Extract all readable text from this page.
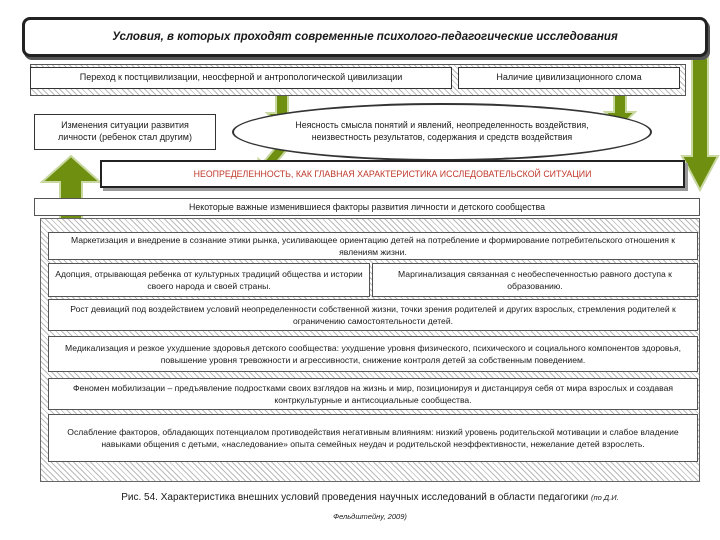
Условия, в которых проходят современные психолого-педагогические исследования
Переход к постцивилизации, неосферной и антропологической цивилизации	Наличие цивилизационного слома
Изменения ситуации развития личности (ребенок стал другим)
Неясность смысла понятий и явлений, неопределенность воздействия, неизвестность результатов, содержания и средств воздействия
НЕОПРЕДЕЛЕННОСТЬ, КАК ГЛАВНАЯ ХАРАКТЕРИСТИКА ИССЛЕДОВАТЕЛЬСКОЙ СИТУАЦИИ
Некоторые важные изменившиеся факторы развития личности и детского сообщества
Маркетизация и внедрение в сознание этики рынка, усиливающее ориентацию детей на потребление и формирование потребительского отношения к явлениям жизни.
Адопция, отрывающая ребенка от культурных традиций общества и истории своего народа и своей страны.
Маргинализация связанная с необеспеченностью равного доступа к образованию.
Рост девиаций под воздействием условий неопределенности собственной жизни, точки зрения родителей и других взрослых, стремления родителей к ограничению самостоятельности детей.
Медикализация и резкое ухудшение здоровья детского сообщества: ухудшение уровня физического, психического и социального компонентов здоровья, повышение уровня тревожности и агрессивности, снижение контроля детей за собственным поведением.
Феномен мобилизации – предъявление подростками своих взглядов на жизнь и мир, позиционируя и дистанцируя себя от мира взрослых и создавая контркультурные и антисоциальные сообщества.
Ослабление факторов, обладающих потенциалом противодействия негативным влияниям: низкий уровень родительской мотивации и слабое владение навыками общения с детьми, «наследование» опыта семейных неудач и родительской неэффективности, нежелание детей взрослеть.
Рис. 54. Характеристика внешних условий проведения научных исследований в области педагогики (по Д.И.
Фельдштейну, 2009)
